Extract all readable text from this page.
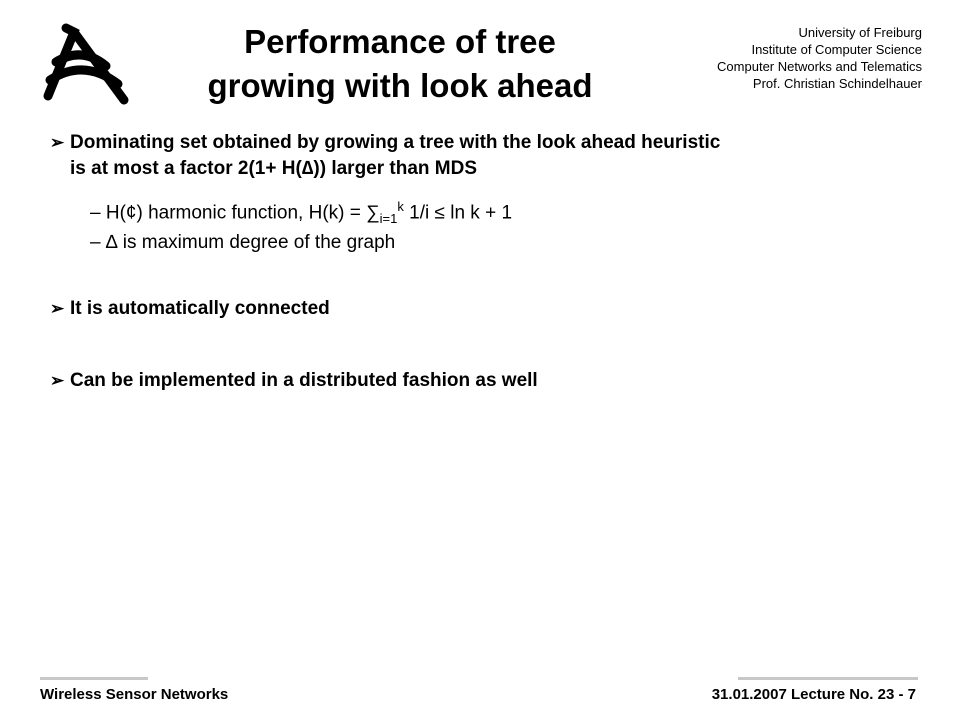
Performance of tree
growing with look ahead
University of Freiburg
Institute of Computer Science
Computer Networks and Telematics
Prof. Christian Schindelhauer
➢ Dominating set obtained by growing a tree with the look ahead heuristic
is at most a factor 2(1+ H(∆)) larger than MDS
– H(¢) harmonic function, $H(k) = \sum_{i=1}^k$ 1/i ≤ ln k + 1
– ∆ is maximum degree of the graph
➢ It is automatically connected
➢ Can be implemented in a distributed fashion as well
Wireless Sensor Networks	31.01.2007 Lecture No. 23 - 7
